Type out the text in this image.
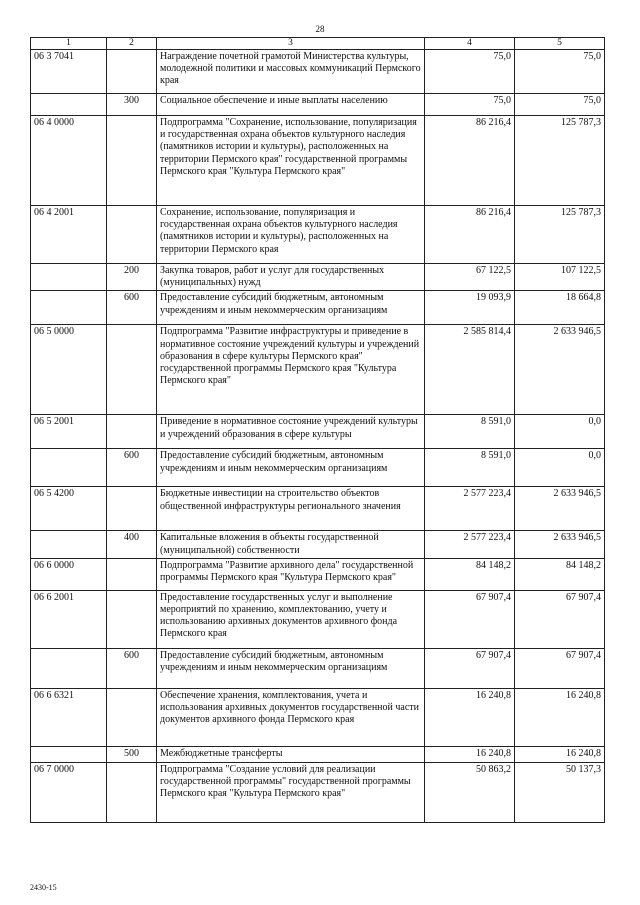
28
1	2	3	4	5
06 3 7041		Награждение почетной грамотой Министерства культуры, молодежной политики и массовых коммуникаций Пермского края	75,0	75,0
	300	Социальное обеспечение и иные выплаты населению	75,0	75,0
06 4 0000		Подпрограмма "Сохранение, использование, популяризация и государственная охрана объектов культурного наследия (памятников истории и культуры), расположенных на территории Пермского края" государственной программы Пермского края "Культура Пермского края"	86 216,4	125 787,3
06 4 2001		Сохранение, использование, популяризация и государственная охрана объектов культурного наследия (памятников истории и культуры), расположенных на территории Пермского края	86 216,4	125 787,3
	200	Закупка товаров, работ и услуг для государственных (муниципальных) нужд	67 122,5	107 122,5
	600	Предоставление субсидий бюджетным, автономным учреждениям и иным некоммерческим организациям	19 093,9	18 664,8
06 5 0000		Подпрограмма "Развитие инфраструктуры и приведение в нормативное состояние учреждений культуры и учреждений образования в сфере культуры Пермского края" государственной программы Пермского края "Культура Пермского края"	2 585 814,4	2 633 946,5
06 5 2001		Приведение в нормативное состояние учреждений культуры и учреждений образования в сфере культуры	8 591,0	0,0
	600	Предоставление субсидий бюджетным, автономным учреждениям и иным некоммерческим организациям	8 591,0	0,0
06 5 4200		Бюджетные инвестиции на строительство объектов общественной инфраструктуры регионального значения	2 577 223,4	2 633 946,5
	400	Капитальные вложения в объекты государственной (муниципальной) собственности	2 577 223,4	2 633 946,5
06 6 0000		Подпрограмма "Развитие архивного дела" государственной программы Пермского края "Культура Пермского края"	84 148,2	84 148,2
06 6 2001		Предоставление государственных услуг и выполнение мероприятий по хранению, комплектованию, учету и использованию архивных документов архивного фонда Пермского края	67 907,4	67 907,4
	600	Предоставление субсидий бюджетным, автономным учреждениям и иным некоммерческим организациям	67 907,4	67 907,4
06 6 6321		Обеспечение хранения, комплектования, учета и использования архивных документов государственной части документов архивного фонда Пермского края	16 240,8	16 240,8
	500	Межбюджетные трансферты	16 240,8	16 240,8
06 7 0000		Подпрограмма "Создание условий для реализации государственной программы" государственной программы Пермского края "Культура Пермского края"	50 863,2	50 137,3
2430-15
